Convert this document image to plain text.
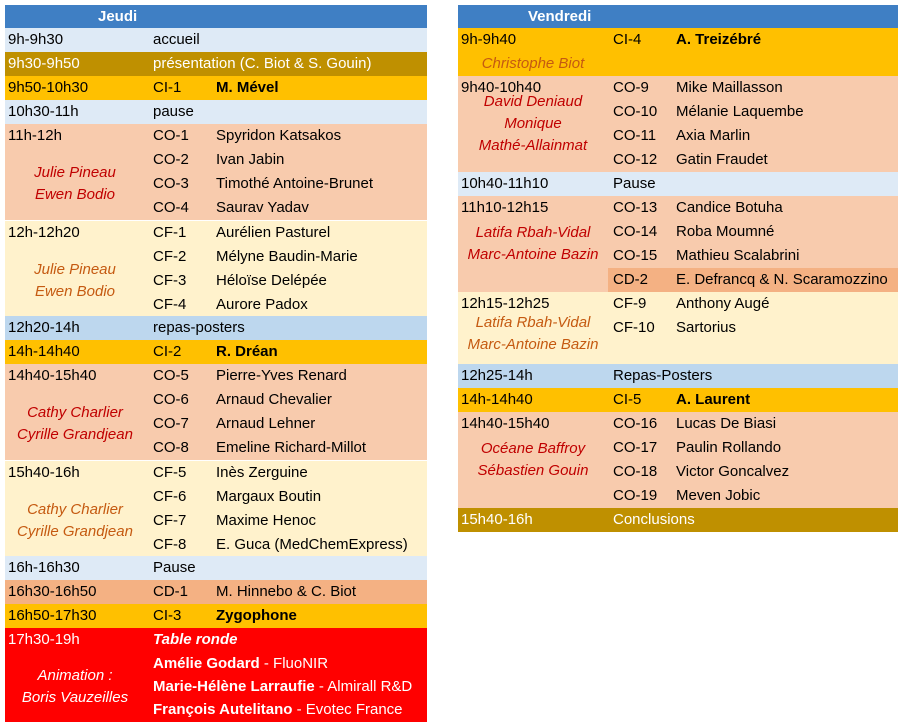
Jeudi
9h-9h30	accueil
9h30-9h50	présentation (C. Biot & S. Gouin)
9h50-10h30	CI-1 M. Mével
10h30-11h	pause
Julie Pineau
Ewen Bodio
11h-12h	CO-1 Spyridon Katsakos
CO-2 Ivan Jabin
CO-3 Timothé Antoine-Brunet
CO-4 Saurav Yadav
Julie Pineau
Ewen Bodio
12h-12h20	CF-1 Aurélien Pasturel
CF-2 Mélyne Baudin-Marie
CF-3 Héloïse Delépée
CF-4 Aurore Padox
12h20-14h	repas-posters
14h-14h40	CI-2 R. Dréan
Cathy Charlier
Cyrille Grandjean
14h40-15h40	CO-5 Pierre-Yves Renard
CO-6 Arnaud Chevalier
CO-7 Arnaud Lehner
CO-8 Emeline Richard-Millot
Cathy Charlier
Cyrille Grandjean
15h40-16h	CF-5 Inès Zerguine
CF-6 Margaux Boutin
CF-7 Maxime Henoc
CF-8 E. Guca (MedChemExpress)
16h-16h30	Pause
16h30-16h50	CD-1 M. Hinnebo & C. Biot
16h50-17h30	CI-3 Zygophone
Animation :
Boris Vauzeilles
17h30-19h	Table ronde
Amélie Godard - FluoNIR
Marie-Hélène Larraufie - Almirall R&D
François Autelitano - Evotec France
Vendredi
9h-9h40	CI-4 A. Treizébré
Christophe Biot
David Deniaud
Monique
Mathé-Allainmat
9h40-10h40	CO-9 Mike Maillasson
CO-10 Mélanie Laquembe
CO-11 Axia Marlin
CO-12 Gatin Fraudet
10h40-11h10	Pause
Latifa Rbah-Vidal
Marc-Antoine Bazin
11h10-12h15	CO-13 Candice Botuha
CO-14 Roba Moumné
CO-15 Mathieu Scalabrini
CD-2 E. Defrancq & N. Scaramozzino
Latifa Rbah-Vidal
Marc-Antoine Bazin
12h15-12h25	CF-9 Anthony Augé
CF-10 Sartorius
12h25-14h	Repas-Posters
14h-14h40	CI-5 A. Laurent
Océane Baffroy
Sébastien Gouin
14h40-15h40	CO-16 Lucas De Biasi
CO-17 Paulin Rollando
CO-18 Victor Goncalvez
CO-19 Meven Jobic
15h40-16h	Conclusions
